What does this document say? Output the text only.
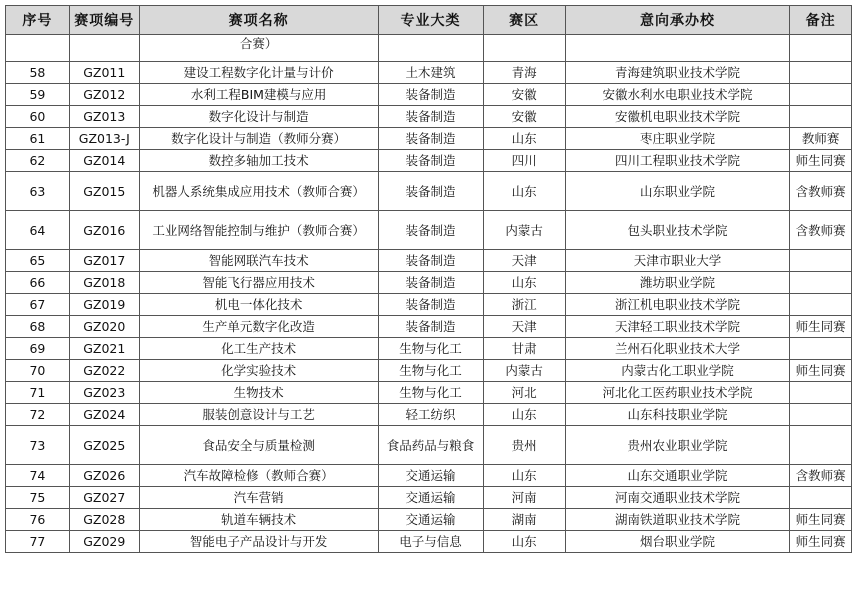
序号	赛项编号	赛项名称	专业大类	赛区	意向承办校	备注
		合赛）				
58	GZ011	建设工程数字化计量与计价	土木建筑	青海	青海建筑职业技术学院	
59	GZ012	水利工程BIM建模与应用	装备制造	安徽	安徽水利水电职业技术学院	
60	GZ013	数字化设计与制造	装备制造	安徽	安徽机电职业技术学院	
61	GZ013-J	数字化设计与制造（教师分赛）	装备制造	山东	枣庄职业学院	教师赛
62	GZ014	数控多轴加工技术	装备制造	四川	四川工程职业技术学院	师生同赛
63	GZ015	机器人系统集成应用技术（教师合赛）	装备制造	山东	山东职业学院	含教师赛
64	GZ016	工业网络智能控制与维护（教师合赛）	装备制造	内蒙古	包头职业技术学院	含教师赛
65	GZ017	智能网联汽车技术	装备制造	天津	天津市职业大学	
66	GZ018	智能飞行器应用技术	装备制造	山东	潍坊职业学院	
67	GZ019	机电一体化技术	装备制造	浙江	浙江机电职业技术学院	
68	GZ020	生产单元数字化改造	装备制造	天津	天津轻工职业技术学院	师生同赛
69	GZ021	化工生产技术	生物与化工	甘肃	兰州石化职业技术大学	
70	GZ022	化学实验技术	生物与化工	内蒙古	内蒙古化工职业学院	师生同赛
71	GZ023	生物技术	生物与化工	河北	河北化工医药职业技术学院	
72	GZ024	服装创意设计与工艺	轻工纺织	山东	山东科技职业学院	
73	GZ025	食品安全与质量检测	食品药品与粮食	贵州	贵州农业职业学院	
74	GZ026	汽车故障检修（教师合赛）	交通运输	山东	山东交通职业学院	含教师赛
75	GZ027	汽车营销	交通运输	河南	河南交通职业技术学院	
76	GZ028	轨道车辆技术	交通运输	湖南	湖南铁道职业技术学院	师生同赛
77	GZ029	智能电子产品设计与开发	电子与信息	山东	烟台职业学院	师生同赛
